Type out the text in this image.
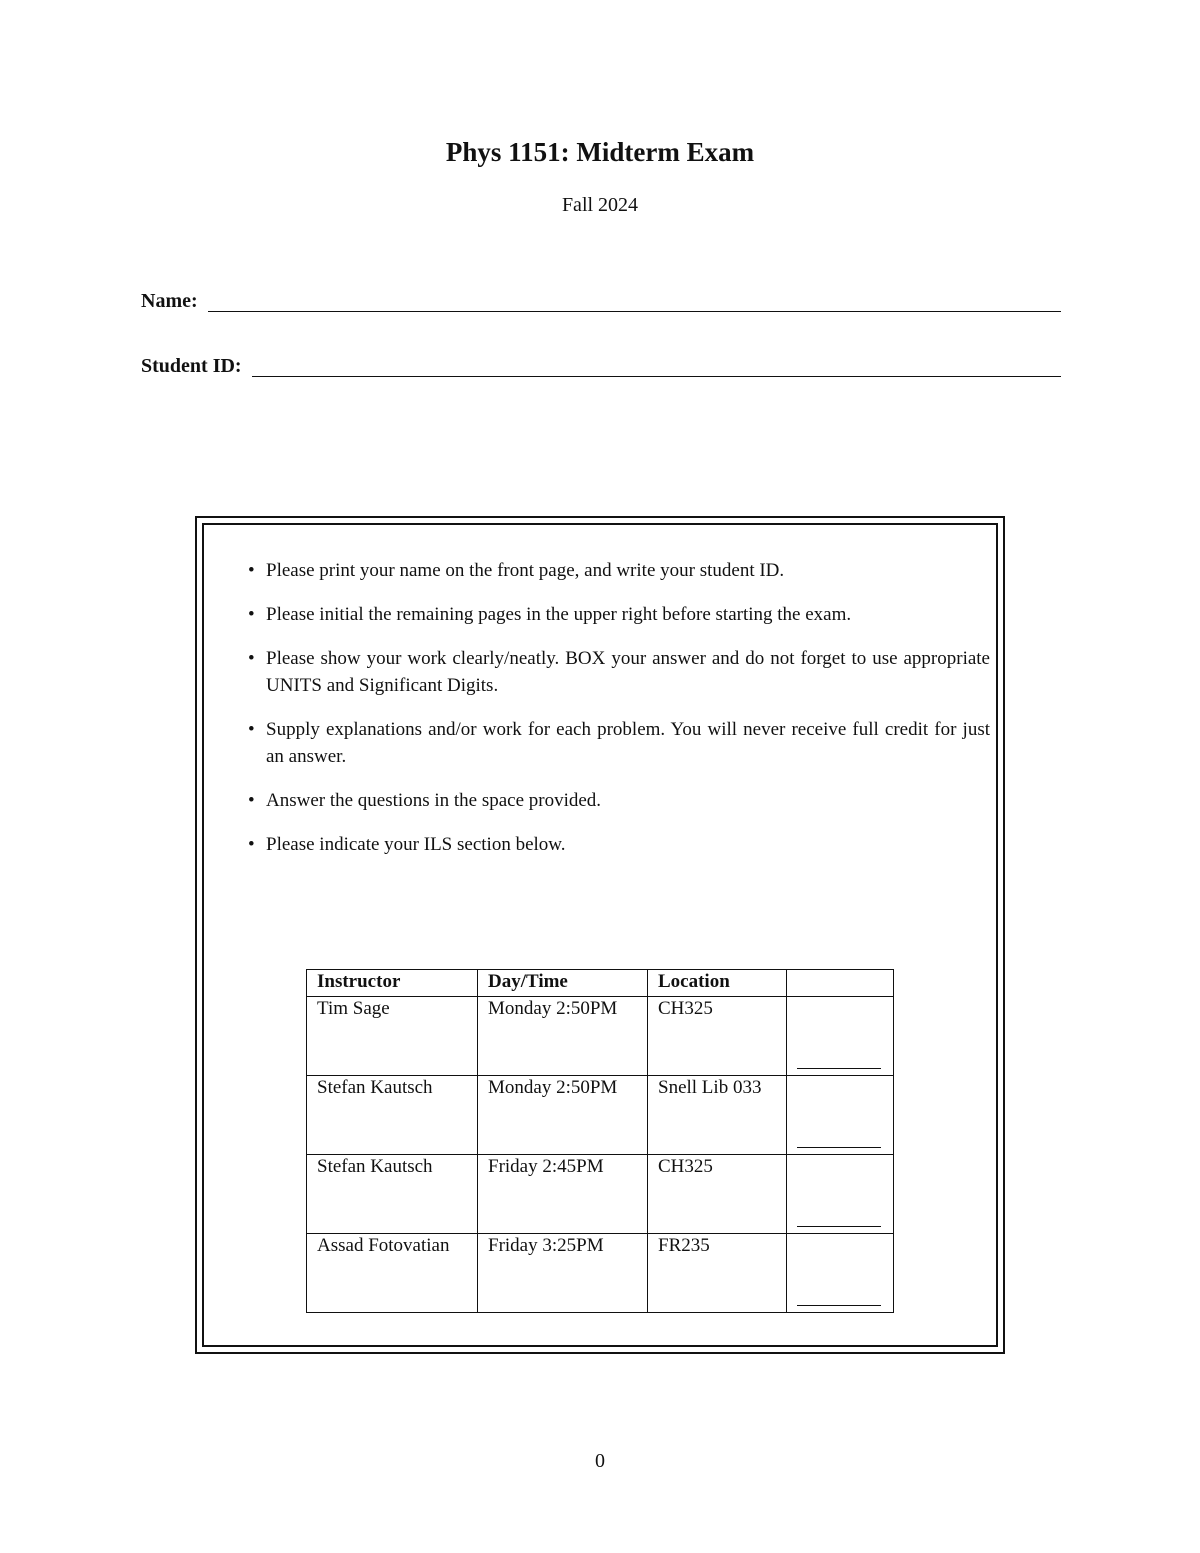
Phys 1151: Midterm Exam
Fall 2024
Name:
Student ID:
• Please print your name on the front page, and write your student ID.
• Please initial the remaining pages in the upper right before starting the exam.
• Please show your work clearly/neatly. BOX your answer and do not forget to use appropriate UNITS and Significant Digits.
• Supply explanations and/or work for each problem. You will never receive full credit for just an answer.
• Answer the questions in the space provided.
• Please indicate your ILS section below.
Instructor	Day/Time	Location	
Tim Sage	Monday 2:50PM	CH325	

Stefan Kautsch	Monday 2:50PM	Snell Lib 033	

Stefan Kautsch	Friday 2:45PM	CH325	

Assad Fotovatian	Friday 3:25PM	FR235	
0
